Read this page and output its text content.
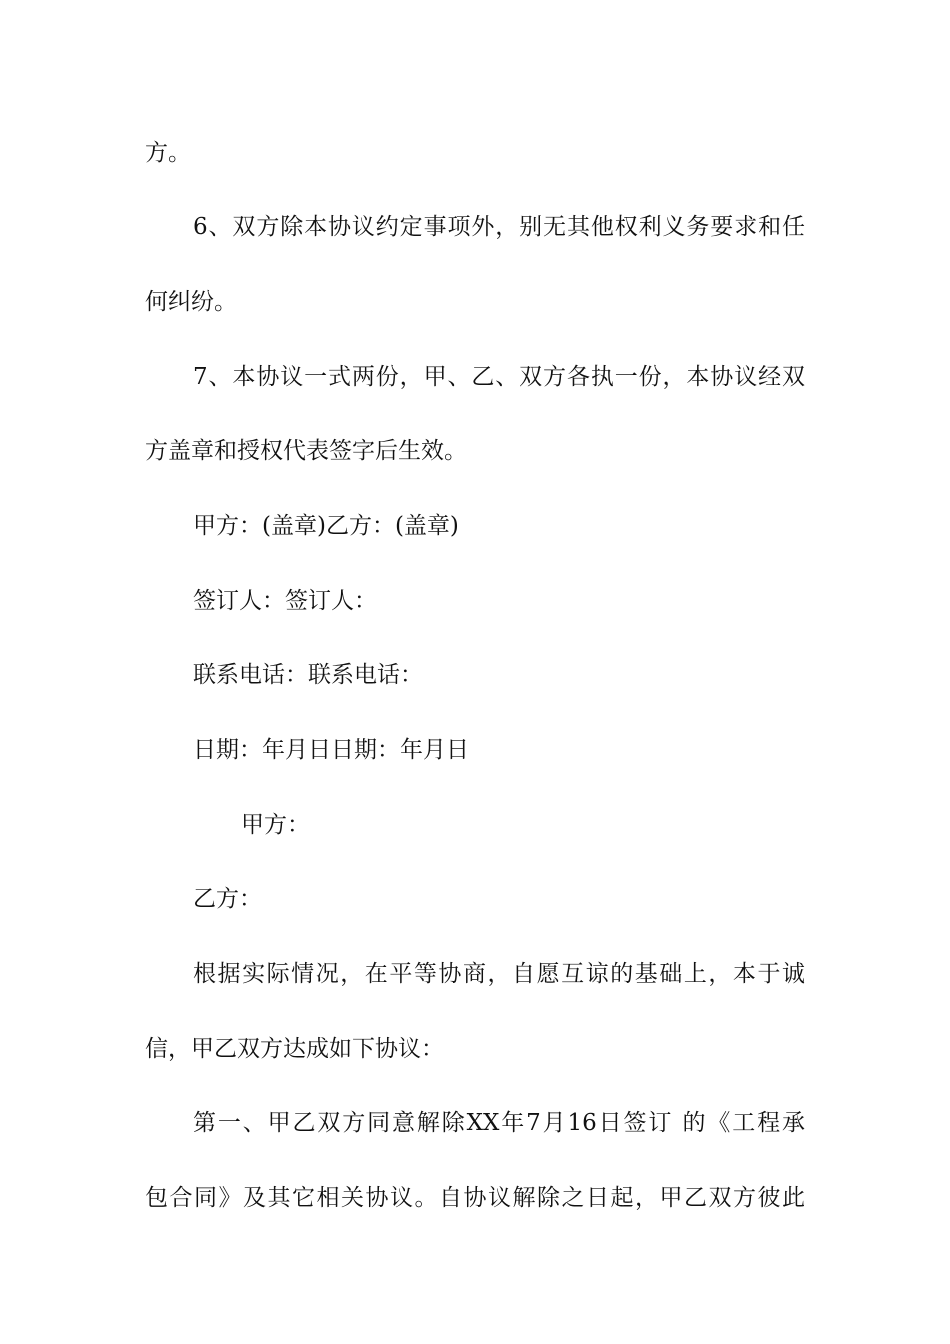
方。
6、双方除本协议约定事项外，别无其他权利义务要求和任
何纠纷。
7、本协议一式两份，甲、乙、双方各执一份，本协议经双
方盖章和授权代表签字后生效。
甲方：(盖章)乙方：(盖章)
签订人：签订人：
联系电话：联系电话：
日期：年月日日期：年月日
甲方：
乙方：
根据实际情况，在平等协商，自愿互谅的基础上，本于诚
信，甲乙双方达成如下协议：
第一、甲乙双方同意解除XX年7月16日签订 的《工程承
包合同》及其它相关协议。自协议解除之日起，甲乙双方彼此
